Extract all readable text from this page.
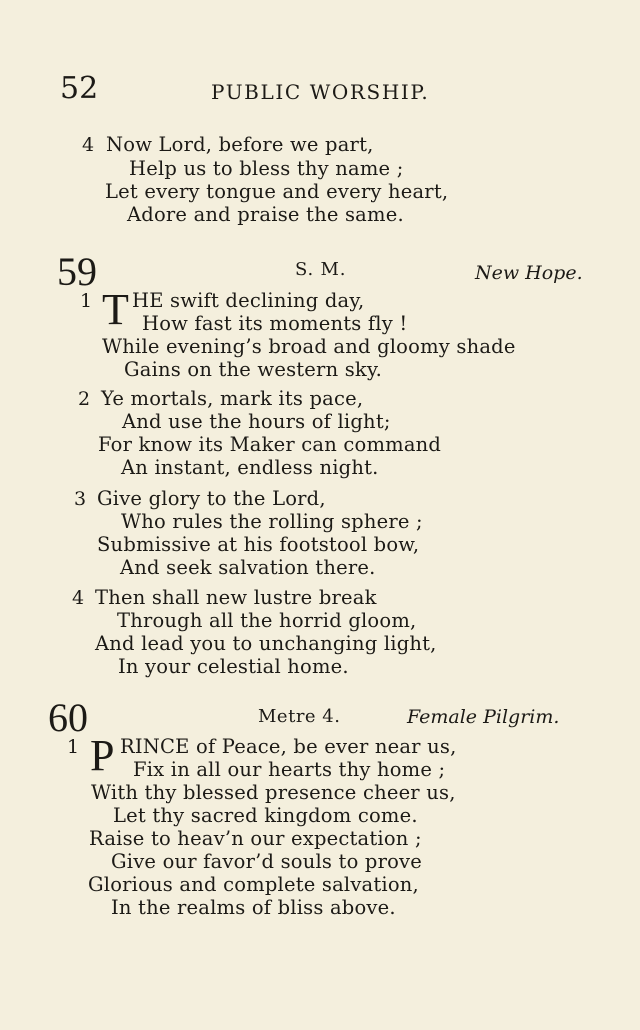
52	PUBLIC WORSHIP.
4 Now Lord, before we part,
Help us to bless thy name ;
Let every tongue and every heart,
Adore and praise the same.
59	S. M.	New Hope.
1 T HE swift declining day,
How fast its moments fly !
While evening’s broad and gloomy shade
Gains on the western sky.
2 Ye mortals, mark its pace,
And use the hours of light;
For know its Maker can command
An instant, endless night.
3 Give glory to the Lord,
Who rules the rolling sphere ;
Submissive at his footstool bow,
And seek salvation there.
4 Then shall new lustre break
Through all the horrid gloom,
And lead you to unchanging light,
In your celestial home.
60	Metre 4.	Female Pilgrim.
1 P RINCE of Peace, be ever near us,
Fix in all our hearts thy home ;
With thy blessed presence cheer us,
Let thy sacred kingdom come.
Raise to heav’n our expectation ;
Give our favor’d souls to prove
Glorious and complete salvation,
In the realms of bliss above.
